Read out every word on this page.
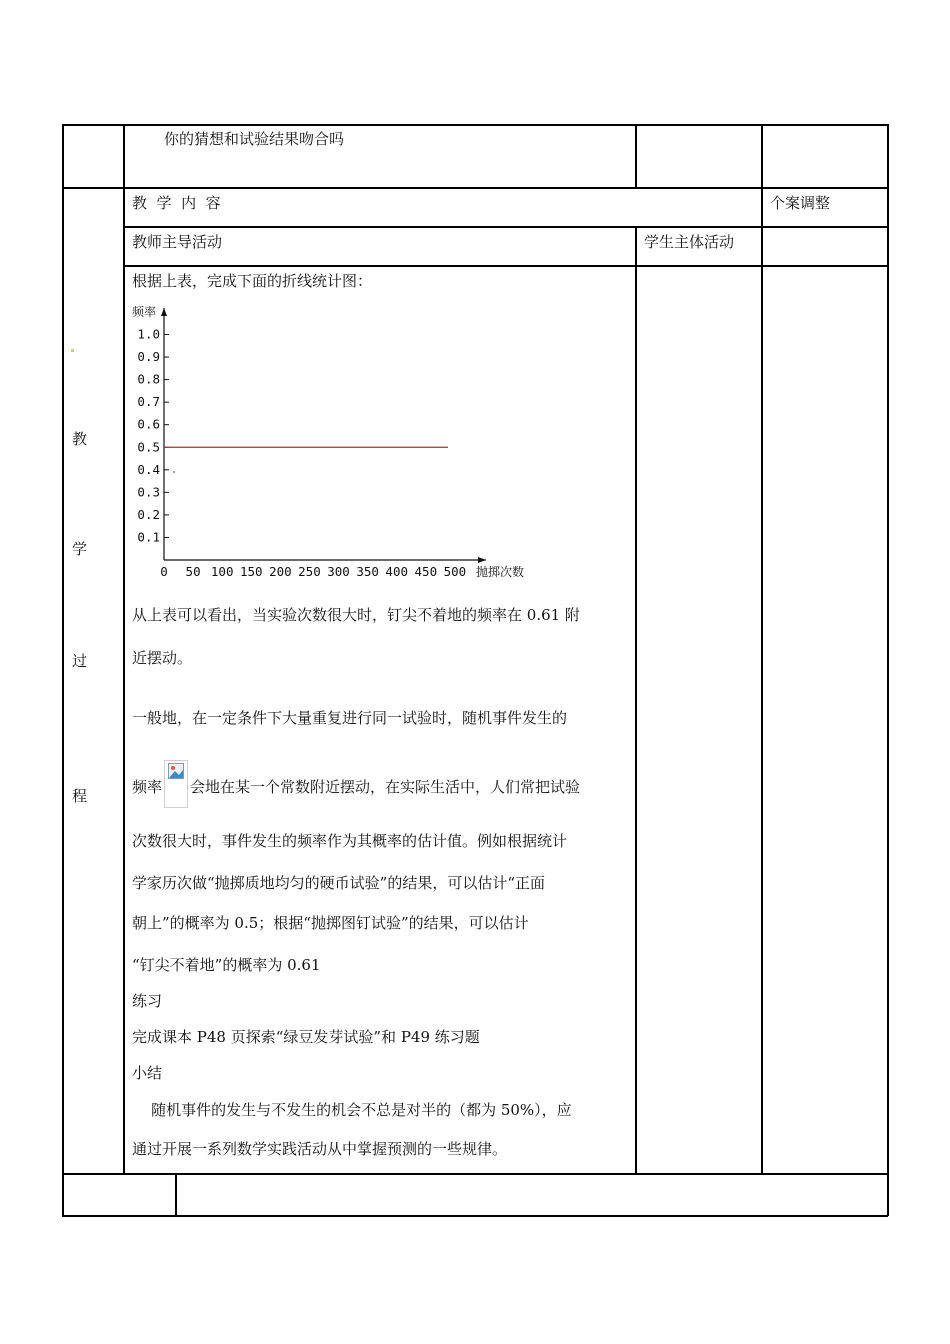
你的猜想和试验结果吻合吗
教  学  内  容	个案调整
教师主导活动	学生主体活动
教
学
过
程
根据上表，完成下面的折线统计图：
0.1
0.2
0.3
0.4
0.5
0.6
0.7
0.8
0.9
1.0
0 50 100 150 200 250 300 350 400 450 500
频率
抛掷次数
从上表可以看出，当实验次数很大时，钉尖不着地的频率在 0.61 附
近摆动。
一般地，在一定条件下大量重复进行同一试验时，随机事件发生的
频率 会地在某一个常数附近摆动，在实际生活中，人们常把试验
次数很大时，事件发生的频率作为其概率的估计值。例如根据统计
学家历次做“抛掷质地均匀的硬币试验”的结果，可以估计“正面
朝上”的概率为 0.5；根据“抛掷图钉试验”的结果，可以估计
“钉尖不着地”的概率为 0.61
练习
完成课本 P48 页探索“绿豆发芽试验”和 P49 练习题
小结
随机事件的发生与不发生的机会不总是对半的（都为 50%），应
通过开展一系列数学实践活动从中掌握预测的一些规律。
